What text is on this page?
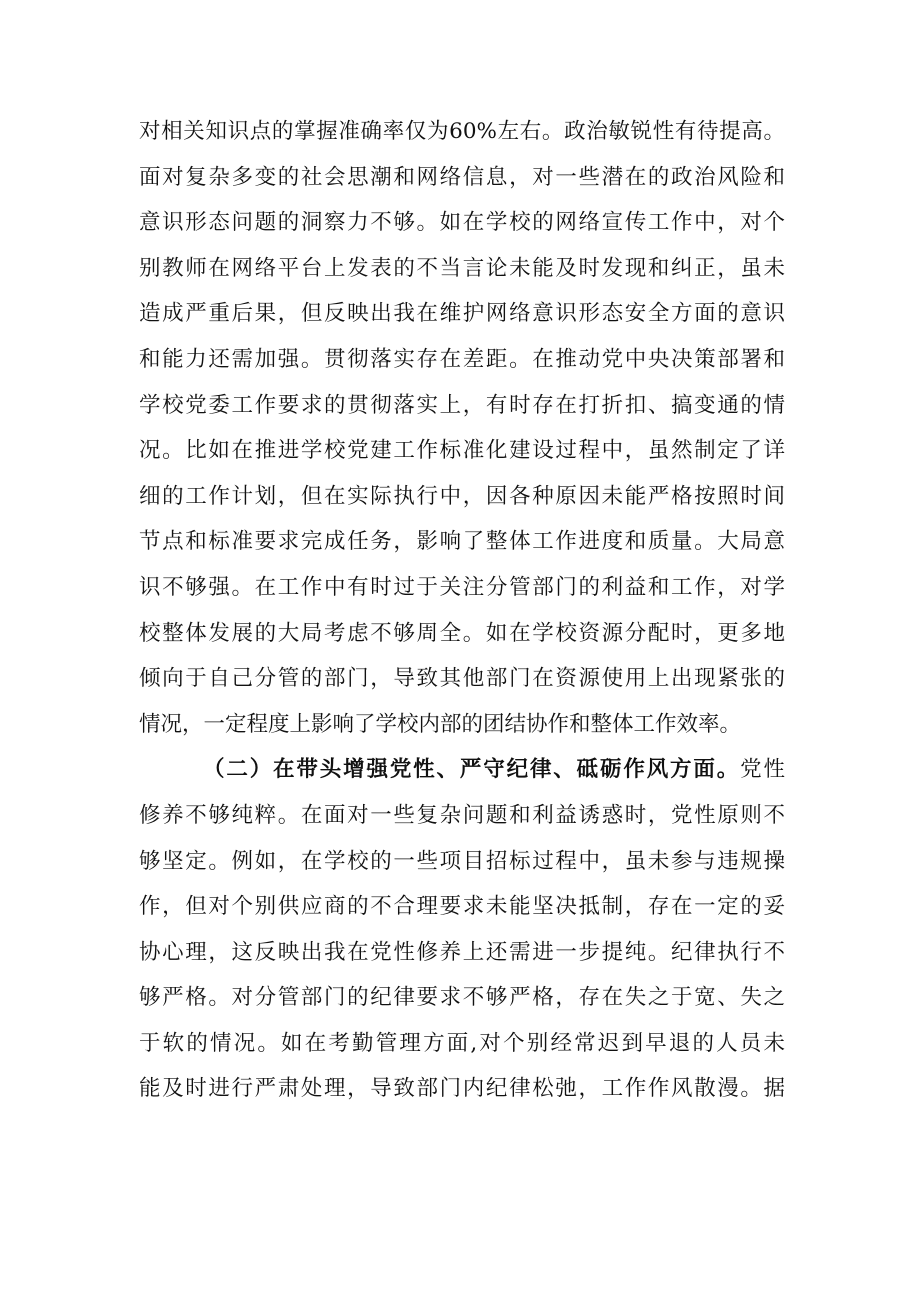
对相关知识点的掌握准确率仅为60%左右。政治敏锐性有待提高。
面对复杂多变的社会思潮和网络信息，对一些潜在的政治风险和
意识形态问题的洞察力不够。如在学校的网络宣传工作中，对个
别教师在网络平台上发表的不当言论未能及时发现和纠正，虽未
造成严重后果，但反映出我在维护网络意识形态安全方面的意识
和能力还需加强。贯彻落实存在差距。在推动党中央决策部署和
学校党委工作要求的贯彻落实上，有时存在打折扣、搞变通的情
况。比如在推进学校党建工作标准化建设过程中，虽然制定了详
细的工作计划，但在实际执行中，因各种原因未能严格按照时间
节点和标准要求完成任务，影响了整体工作进度和质量。大局意
识不够强。在工作中有时过于关注分管部门的利益和工作，对学
校整体发展的大局考虑不够周全。如在学校资源分配时，更多地
倾向于自己分管的部门，导致其他部门在资源使用上出现紧张的
情况，一定程度上影响了学校内部的团结协作和整体工作效率。
（二）在带头增强党性、严守纪律、砥砺作风方面。党性
修养不够纯粹。在面对一些复杂问题和利益诱惑时，党性原则不
够坚定。例如，在学校的一些项目招标过程中，虽未参与违规操
作，但对个别供应商的不合理要求未能坚决抵制，存在一定的妥
协心理，这反映出我在党性修养上还需进一步提纯。纪律执行不
够严格。对分管部门的纪律要求不够严格，存在失之于宽、失之
于软的情况。如在考勤管理方面,对个别经常迟到早退的人员未
能及时进行严肃处理，导致部门内纪律松弛，工作作风散漫。据
